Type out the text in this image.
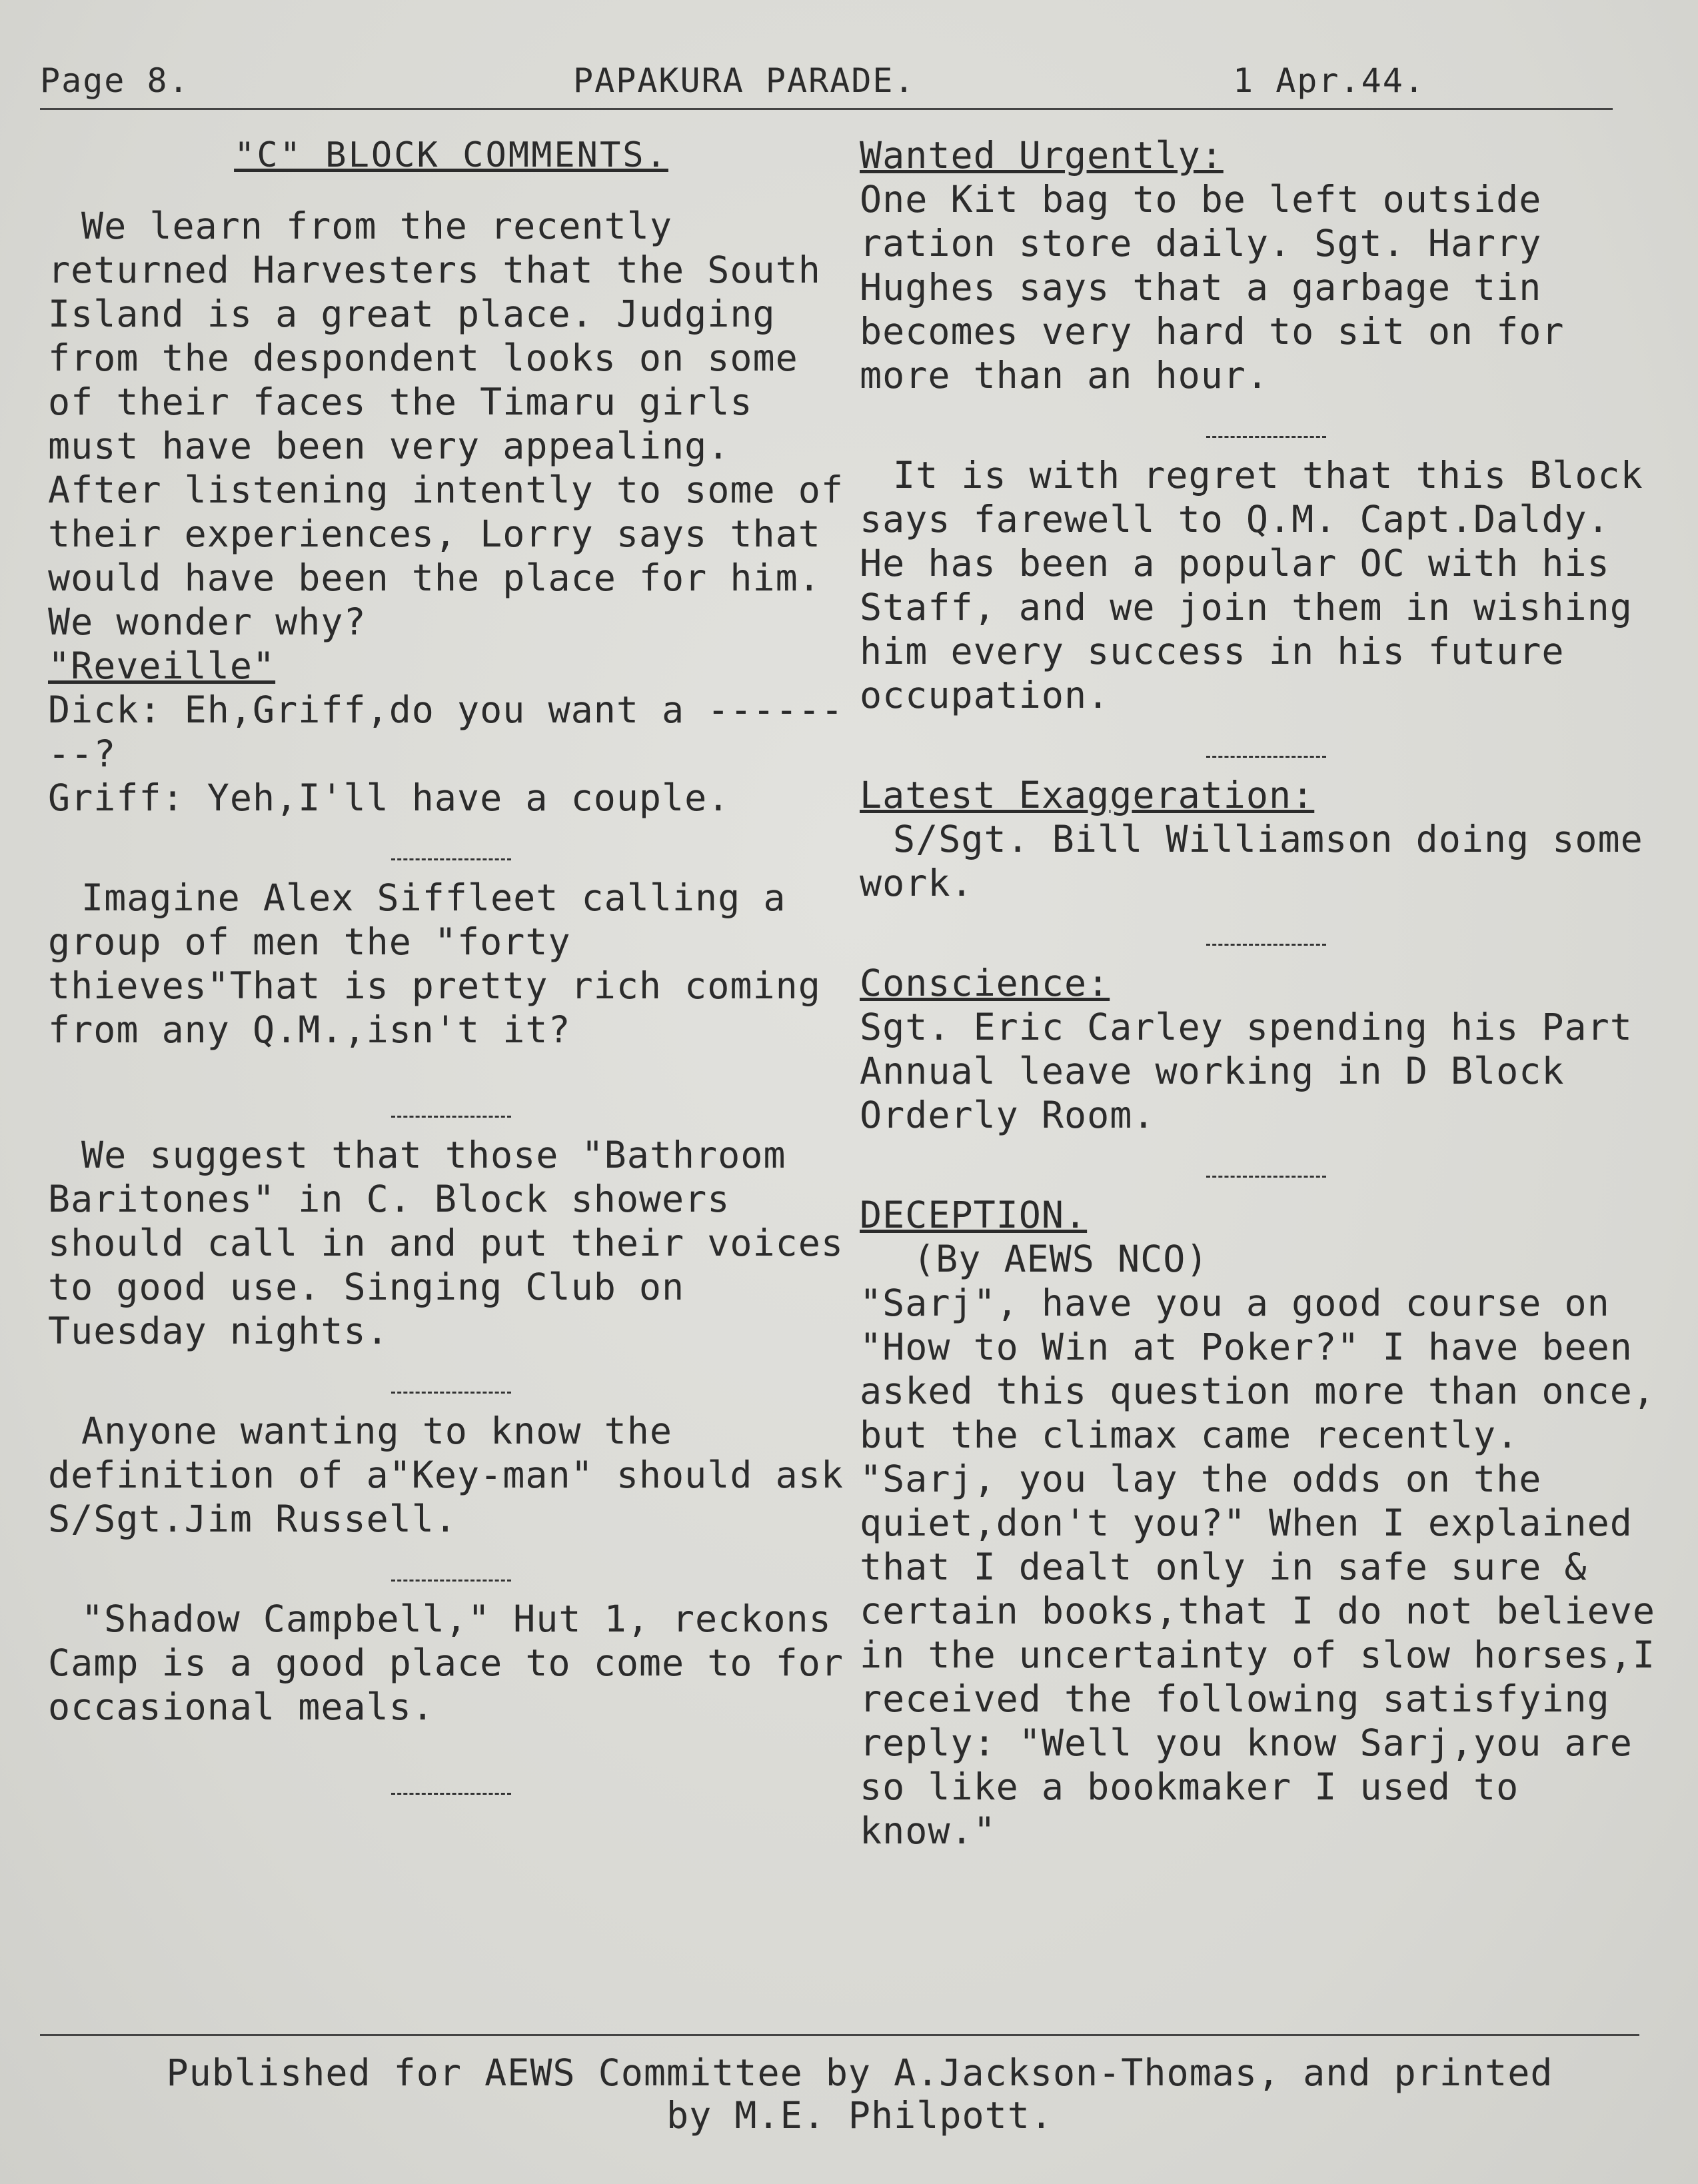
Page 8.	PAPAKURA PARADE.	1 Apr.44.

"C" BLOCK COMMENTS.

We learn from the recently returned Harvesters that the South Island is a great place. Judging from the despondent looks on some of their faces the Timaru girls must have been very appealing. After listening intently to some of their experiences, Lorry says that would have been the place for him. We wonder why?

"Reveille"

Dick: Eh,Griff,do you want a --------?

Griff: Yeh,I'll have a couple.

Imagine Alex Siffleet calling a group of men the "forty thieves"That is pretty rich coming from any Q.M.,isn't it?

We suggest that those "Bathroom Baritones" in C. Block showers should call in and put their voices to good use. Singing Club on Tuesday nights.

Anyone wanting to know the definition of a"Key-man" should ask S/Sgt.Jim Russell.

"Shadow Campbell," Hut 1, reckons Camp is a good place to come to for occasional meals.

Wanted Urgently:

One Kit bag to be left outside ration store daily. Sgt. Harry Hughes says that a garbage tin becomes very hard to sit on for more than an hour.

It is with regret that this Block says farewell to Q.M. Capt.Daldy. He has been a popular OC with his Staff, and we join them in wishing him every success in his future occupation.

Latest Exaggeration:

S/Sgt. Bill Williamson doing some work.

Conscience:

Sgt. Eric Carley spending his Part Annual leave working in D Block Orderly Room.

DECEPTION.

(By AEWS NCO)

"Sarj", have you a good course on "How to Win at Poker?" I have been asked this question more than once, but the climax came recently. "Sarj, you lay the odds on the quiet,don't you?" When I explained that I dealt only in safe sure & certain books,that I do not believe in the uncertainty of slow horses,I received the following satisfying reply: "Well you know Sarj,you are so like a bookmaker I used to know."

Published for AEWS Committee by A.Jackson-Thomas, and printed
by M.E. Philpott.
